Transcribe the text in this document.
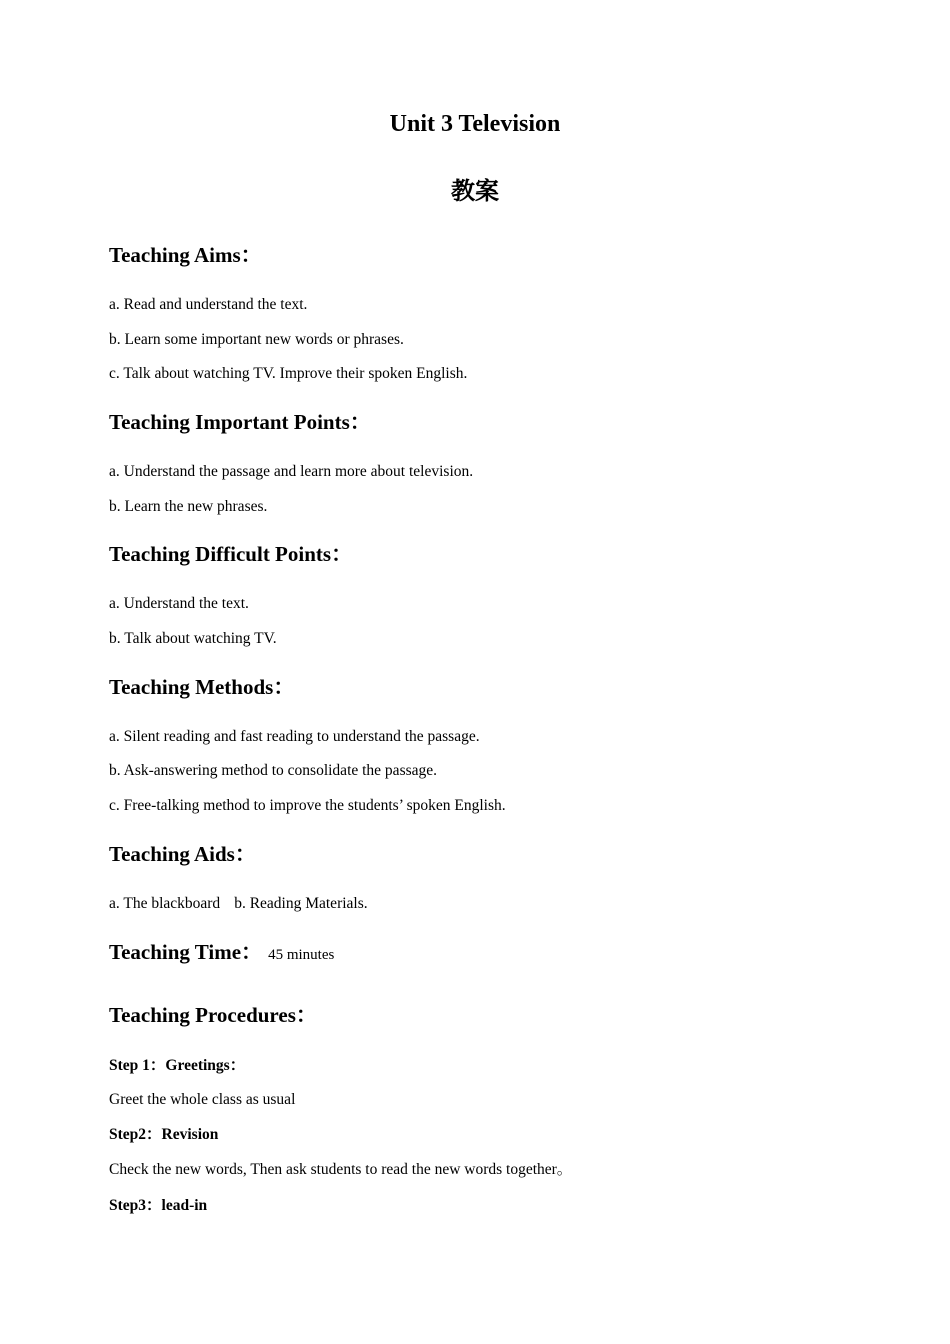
Unit 3 Television
教案
Teaching Aims：

a. Read and understand the text.

b. Learn some important new words or phrases.

c. Talk about watching TV. Improve their spoken English.

Teaching Important Points：

a. Understand the passage and learn more about television.

b. Learn the new phrases.

Teaching Difficult Points：

a. Understand the text.

b. Talk about watching TV.

Teaching Methods：

a. Silent reading and fast reading to understand the passage.

b. Ask-answering method to consolidate the passage.

c. Free-talking method to improve the students’ spoken English.

Teaching Aids：

a. The blackboard b. Reading Materials.

Teaching Time： 45 minutes
Teaching Procedures：

Step 1：Greetings：

Greet the whole class as usual

Step2：Revision

Check the new words, Then ask students to read the new words together。

Step3：lead-in
